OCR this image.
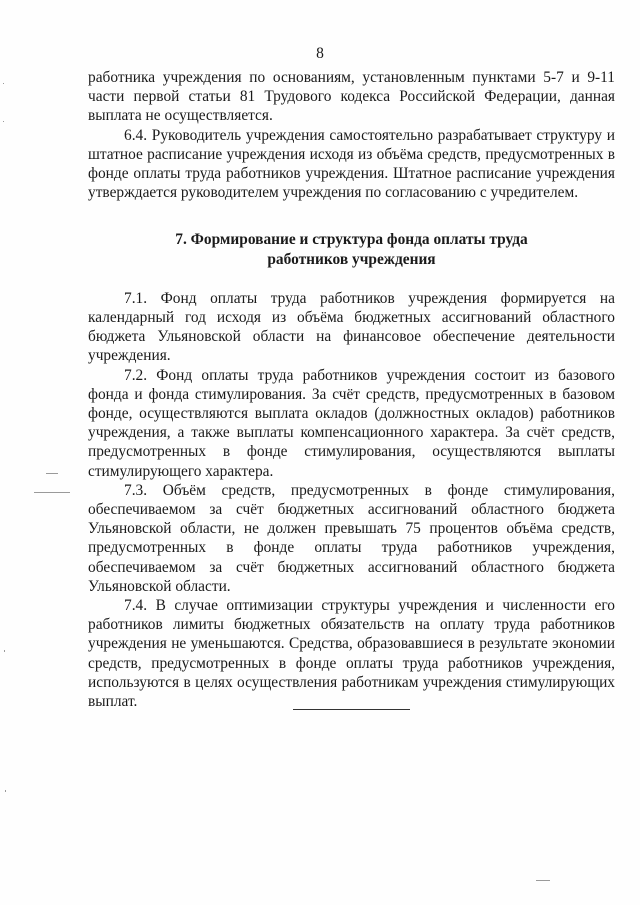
8

работника учреждения по основаниям, установленным пунктами 5-7 и 9-11 части первой статьи 81 Трудового кодекса Российской Федерации, данная выплата не осуществляется.

6.4. Руководитель учреждения самостоятельно разрабатывает структуру и штатное расписание учреждения исходя из объёма средств, предусмотренных в фонде оплаты труда работников учреждения. Штатное расписание учреждения утверждается руководителем учреждения по согласованию с учредителем.

7. Формирование и структура фонда оплаты труда
работников учреждения

7.1. Фонд оплаты труда работников учреждения формируется на календарный год исходя из объёма бюджетных ассигнований областного бюджета Ульяновской области на финансовое обеспечение деятельности учреждения.

7.2. Фонд оплаты труда работников учреждения состоит из базового фонда и фонда стимулирования. За счёт средств, предусмотренных в базовом фонде, осуществляются выплата окладов (должностных окладов) работников учреждения, а также выплаты компенсационного характера. За счёт средств, предусмотренных в фонде стимулирования, осуществляются выплаты стимулирующего характера.

7.3. Объём средств, предусмотренных в фонде стимулирования, обеспечиваемом за счёт бюджетных ассигнований областного бюджета Ульяновской области, не должен превышать 75 процентов объёма средств, предусмотренных в фонде оплаты труда работников учреждения, обеспечиваемом за счёт бюджетных ассигнований областного бюджета Ульяновской области.

7.4. В случае оптимизации структуры учреждения и численности его работников лимиты бюджетных обязательств на оплату труда работников учреждения не уменьшаются. Средства, образовавшиеся в результате экономии средств, предусмотренных в фонде оплаты труда работников учреждения, используются в целях осуществления работникам учреждения стимулирующих выплат.
